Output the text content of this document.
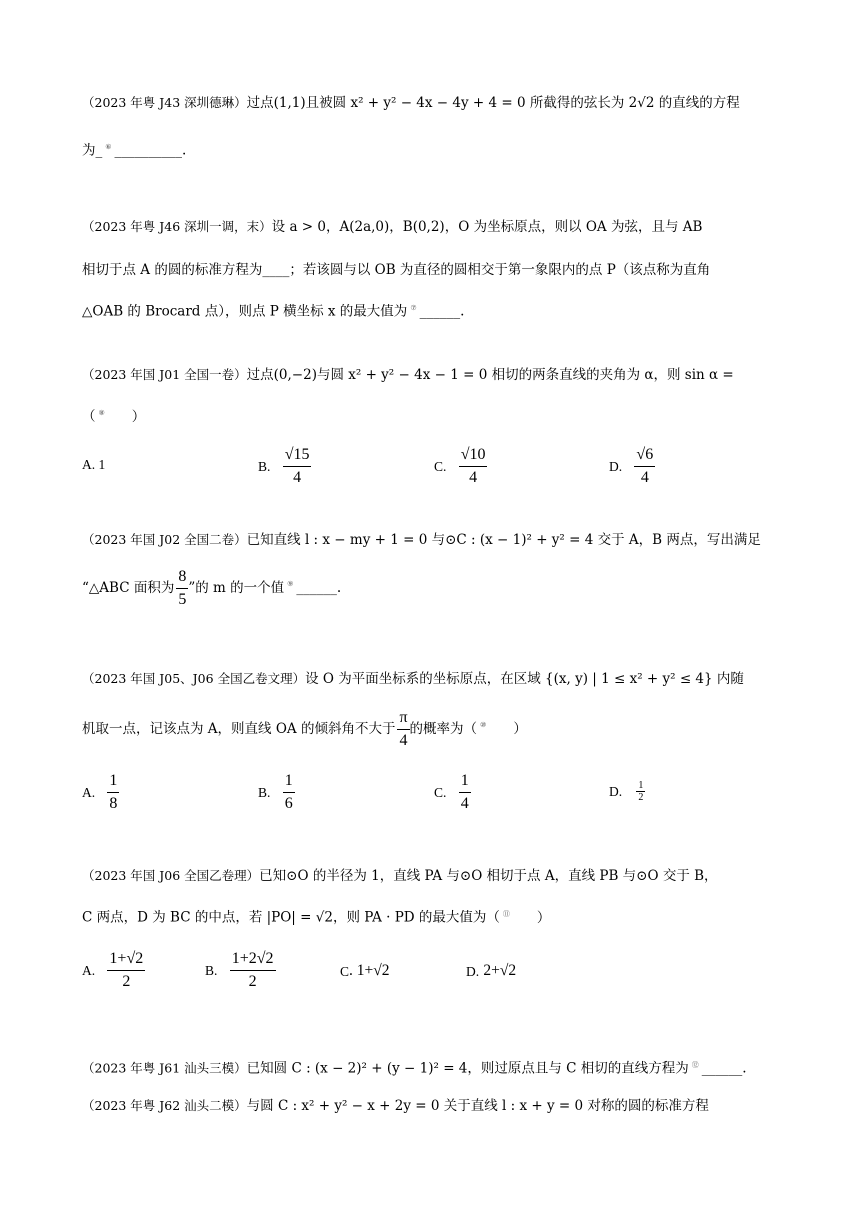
（2023 年粤 J43 深圳德琳）过点(1,1)且被圆 x² + y² − 4x − 4y + 4 = 0 所截得的弦长为 2√2 的直线的方程
为_ ⑥ __________.
（2023 年粤 J46 深圳一调，末）设 a > 0，A(2a,0)，B(0,2)，O 为坐标原点，则以 OA 为弦，且与 AB
相切于点 A 的圆的标准方程为____；若该圆与以 OB 为直径的圆相交于第一象限内的点 P（该点称为直角
△OAB 的 Brocard 点），则点 P 横坐标 x 的最大值为 ⑦ ______.
（2023 年国 J01 全国一卷）过点(0,−2)与圆 x² + y² − 4x − 1 = 0 相切的两条直线的夹角为 α，则 sin α =
（ ⑧ ）
A. 1	B. $\frac{√15}{4}$	C. $\frac{√10}{4}$	D. $\frac{√6}{4}$
（2023 年国 J02 全国二卷）已知直线 l : x − my + 1 = 0 与⊙C : (x − 1)² + y² = 4 交于 A，B 两点，写出满足
“△ABC 面积为 $\frac{8}{5}$ ”的 m 的一个值 ⑨ ______.
（2023 年国 J05、J06 全国乙卷文理）设 O 为平面坐标系的坐标原点，在区域 {(x, y) | 1 ≤ x² + y² ≤ 4} 内随
机取一点，记该点为 A，则直线 OA 的倾斜角不大于 $\frac{\pi}{4}$ 的概率为（ ⑩ ）
A. $\frac{1}{8}$	B. $\frac{1}{6}$	C. $\frac{1}{4}$	D. $\frac{1}{2}$
（2023 年国 J06 全国乙卷理）已知⊙O 的半径为 1，直线 PA 与⊙O 相切于点 A，直线 PB 与⊙O 交于 B，
C 两点，D 为 BC 的中点，若 |PO| = √2，则 PA · PD 的最大值为（ ⑪ ）
A. $\frac{1+√2}{2}$	B. $\frac{1+2√2}{2}$	C. 1+√2	D. 2+√2
（2023 年粤 J61 汕头三模）已知圆 C : (x − 2)² + (y − 1)² = 4，则过原点且与 C 相切的直线方程为 ⑫ ______.
（2023 年粤 J62 汕头二模）与圆 C : x² + y² − x + 2y = 0 关于直线 l : x + y = 0 对称的圆的标准方程
